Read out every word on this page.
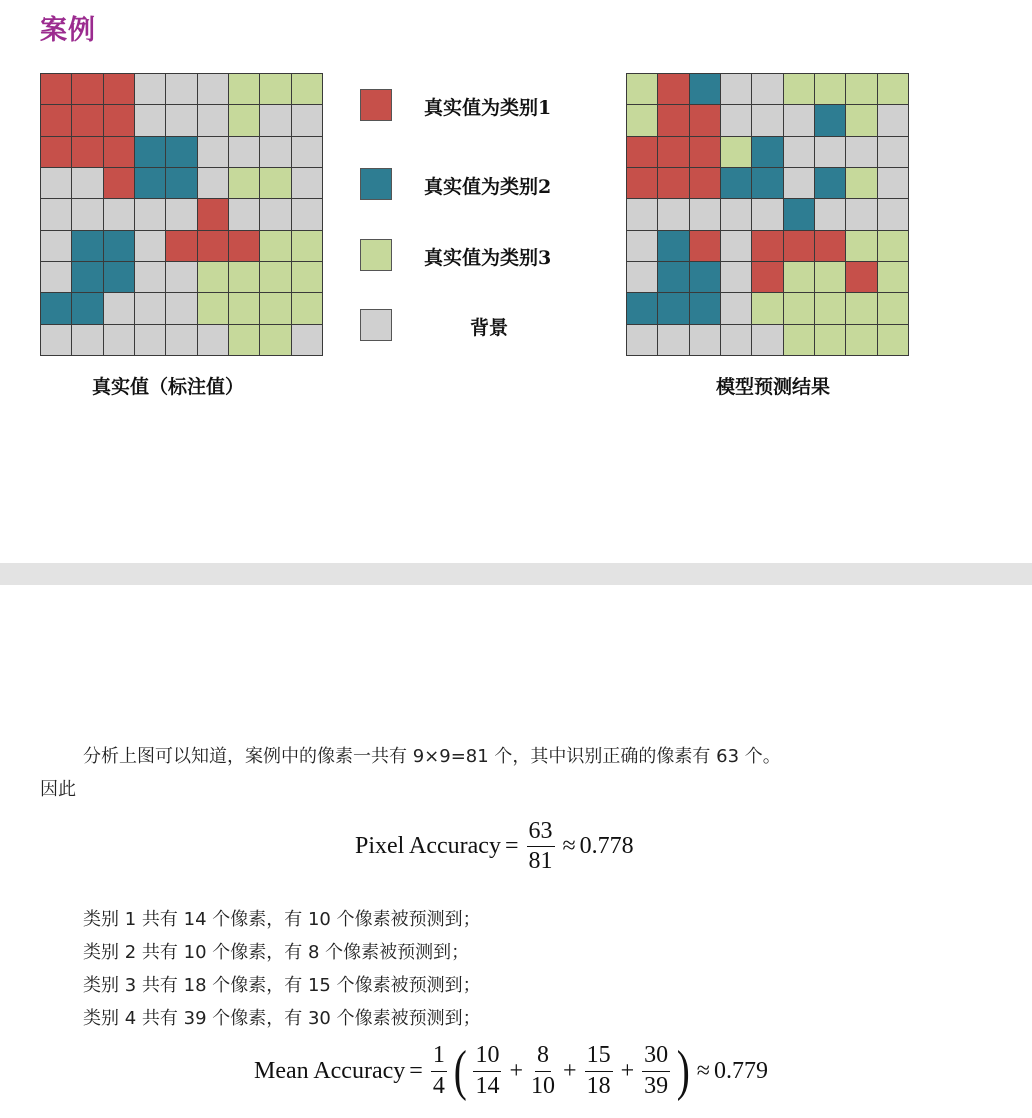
案例
真实值为类别1
真实值为类别2
真实值为类别3
背景
真实值（标注值）	模型预测结果
分析上图可以知道，案例中的像素一共有 9×9=81 个，其中识别正确的像素有 63 个。
因此
Pixel Accuracy = $\frac{63}{81} \approx 0.778$
类别 1 共有 14 个像素，有 10 个像素被预测到；
类别 2 共有 10 个像素，有 8 个像素被预测到；
类别 3 共有 18 个像素，有 15 个像素被预测到；
类别 4 共有 39 个像素，有 30 个像素被预测到；
Mean Accuracy = $\frac{1}{4}$ ( $\frac{10}{14} + \frac{8}{10} + \frac{15}{18} + \frac{30}{39}$ ) ≈ 0.779
